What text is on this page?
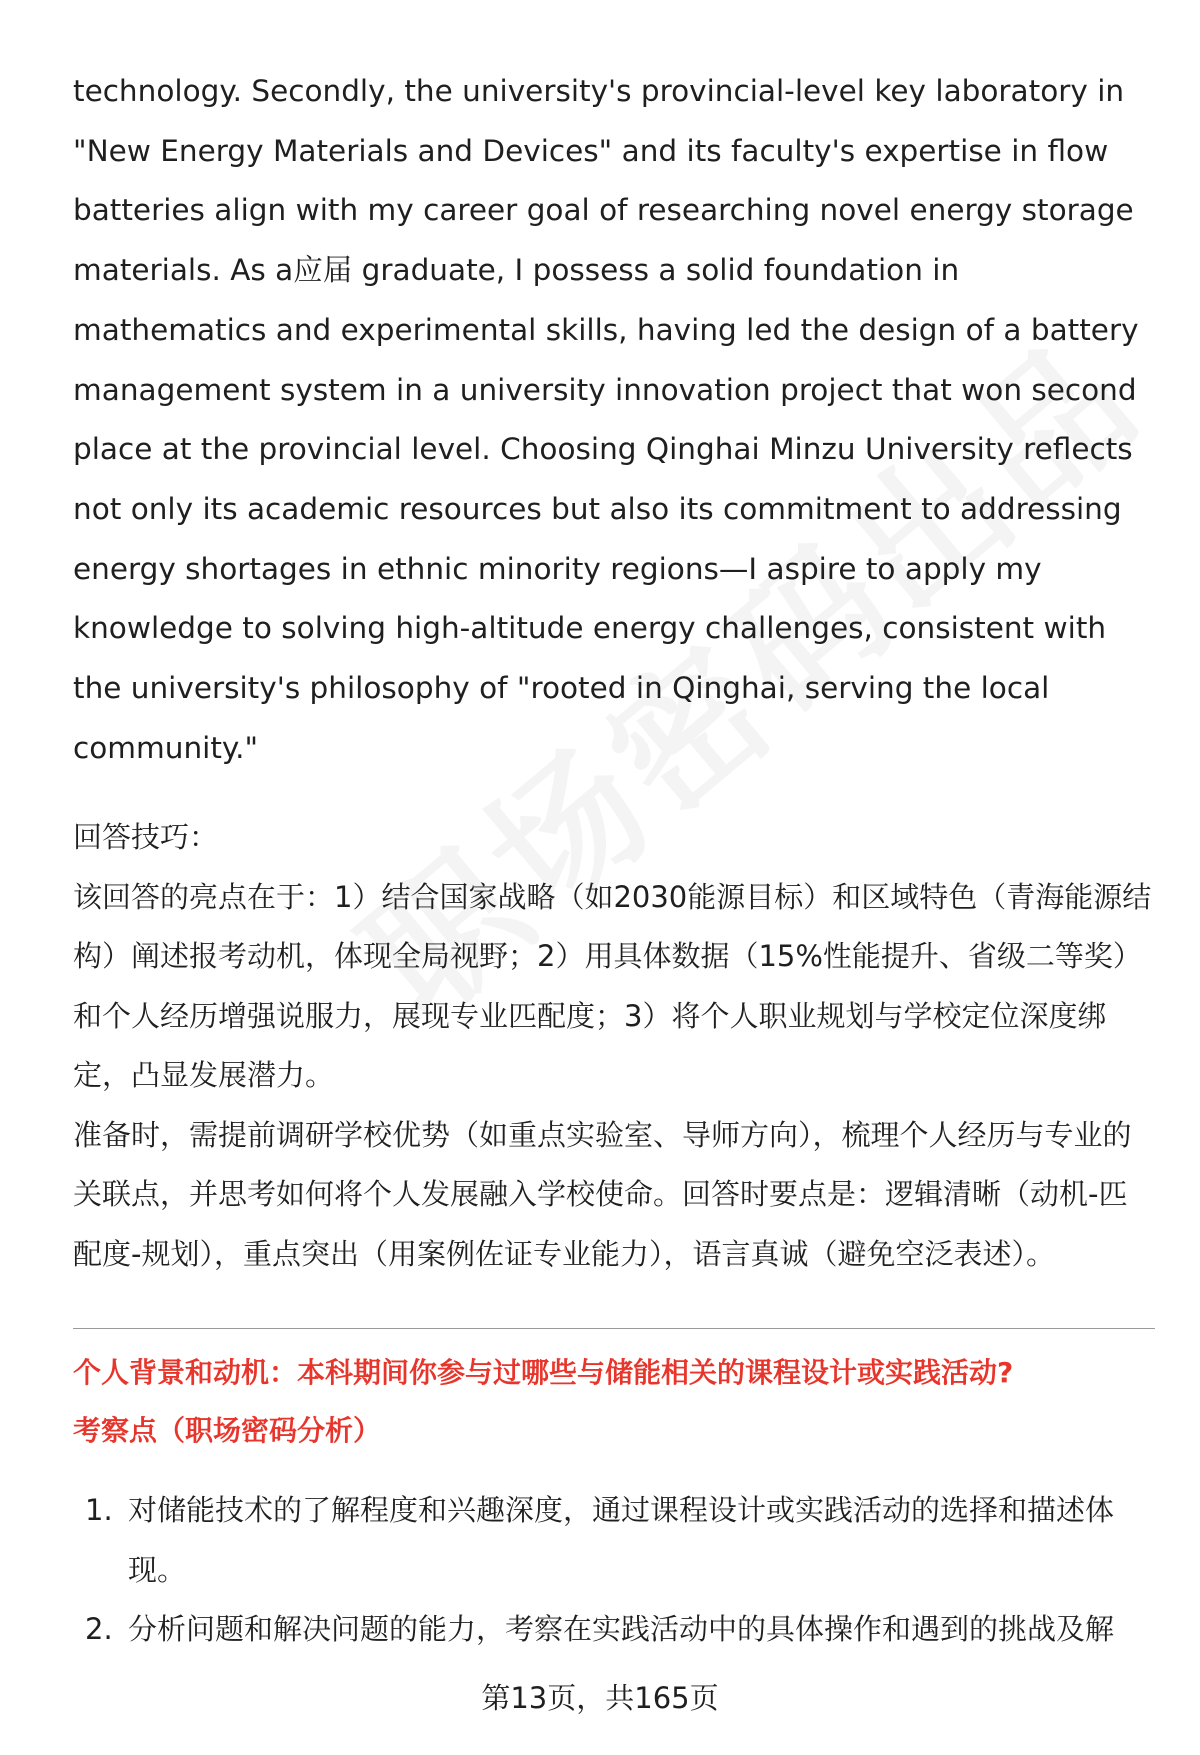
technology. Secondly, the university's provincial-level key laboratory in "New Energy Materials and Devices" and its faculty's expertise in flow batteries align with my career goal of researching novel energy storage materials. As a应届 graduate, I possess a solid foundation in mathematics and experimental skills, having led the design of a battery management system in a university innovation project that won second place at the provincial level. Choosing Qinghai Minzu University reflects not only its academic resources but also its commitment to addressing energy shortages in ethnic minority regions—I aspire to apply my knowledge to solving high-altitude energy challenges, consistent with the university's philosophy of "rooted in Qinghai, serving the local community."

回答技巧：

该回答的亮点在于：1）结合国家战略（如2030能源目标）和区域特色（青海能源结构）阐述报考动机，体现全局视野；2）用具体数据（15%性能提升、省级二等奖）和个人经历增强说服力，展现专业匹配度；3）将个人职业规划与学校定位深度绑定，凸显发展潜力。

准备时，需提前调研学校优势（如重点实验室、导师方向），梳理个人经历与专业的关联点，并思考如何将个人发展融入学校使命。回答时要点是：逻辑清晰（动机-匹配度-规划），重点突出（用案例佐证专业能力），语言真诚（避免空泛表述）。

个人背景和动机：本科期间你参与过哪些与储能相关的课程设计或实践活动?

考察点（职场密码分析）

1. 对储能技术的了解程度和兴趣深度，通过课程设计或实践活动的选择和描述体现。
2. 分析问题和解决问题的能力，考察在实践活动中的具体操作和遇到的挑战及解
第13页，共165页
